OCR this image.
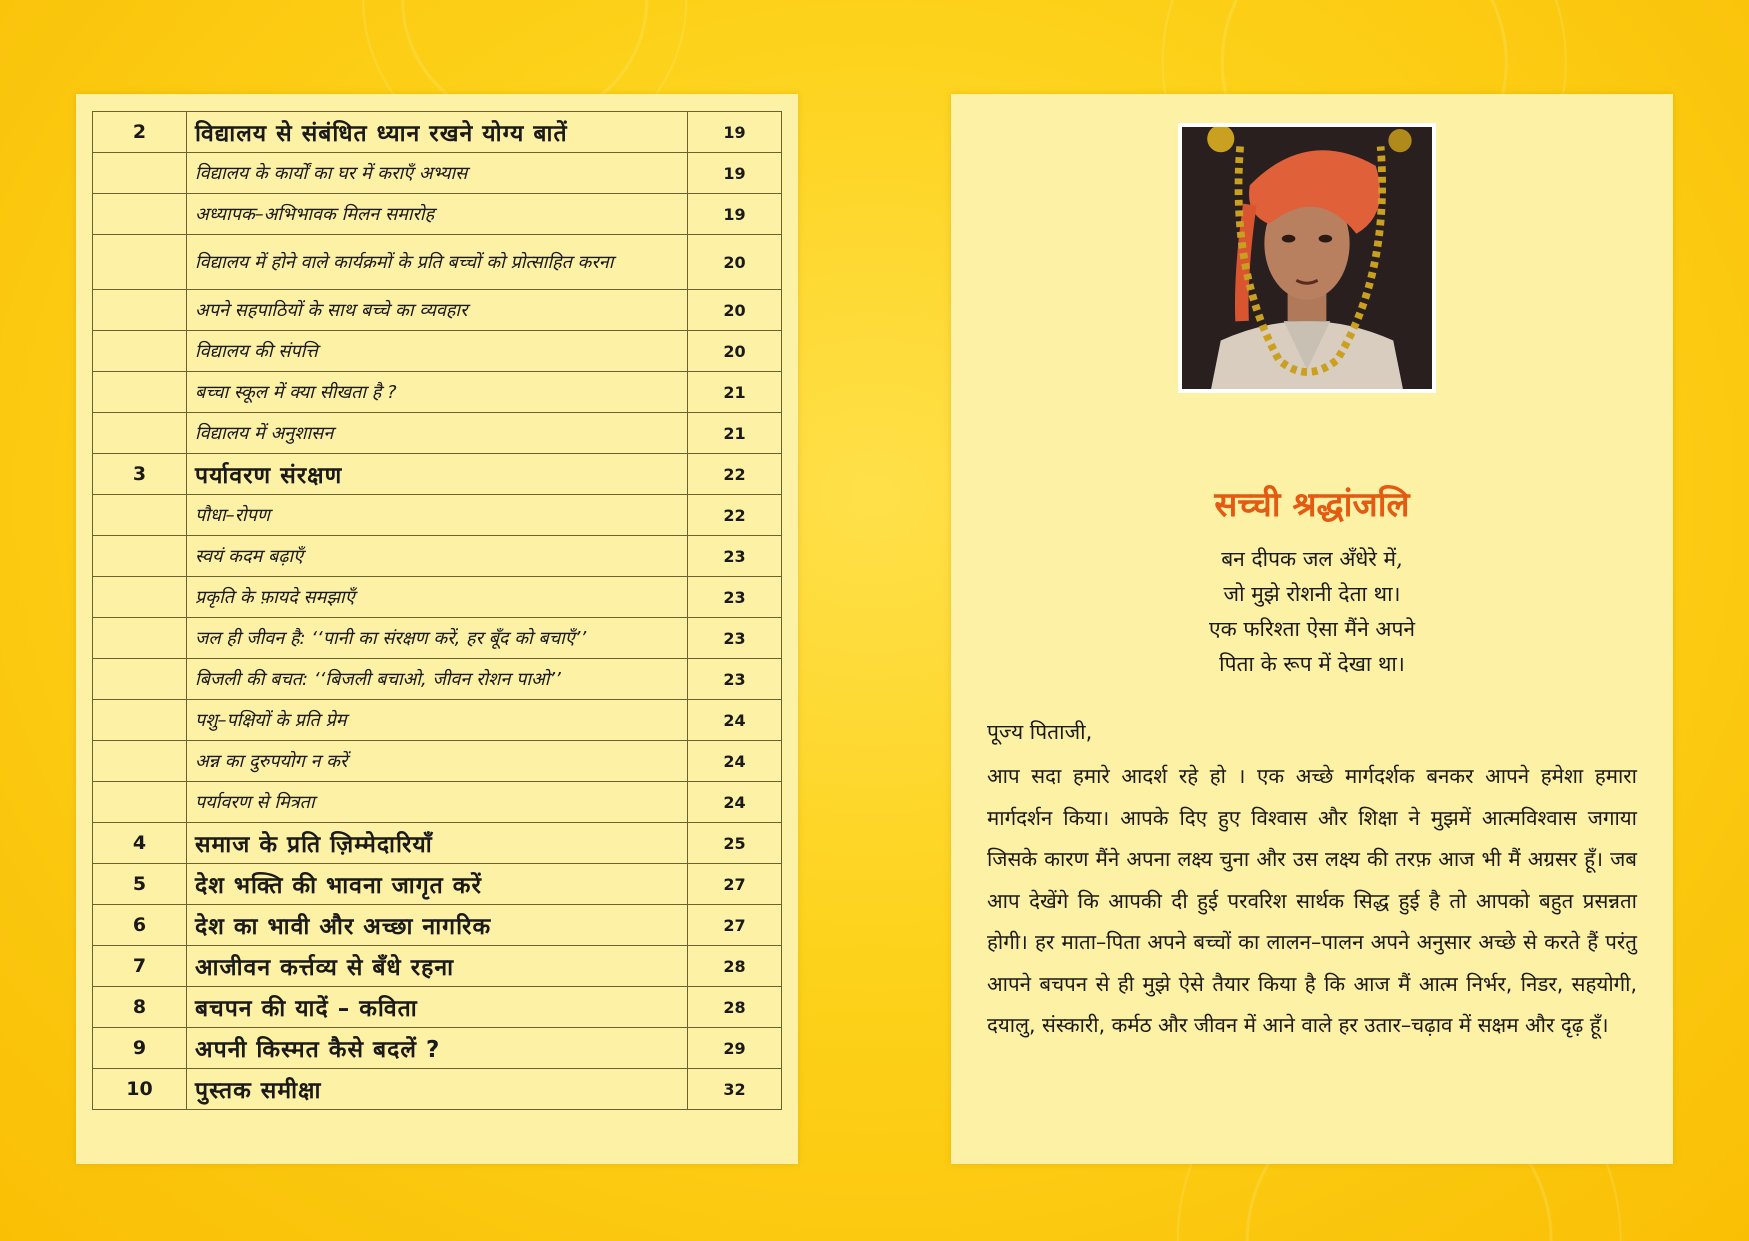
2	विद्यालय से संबंधित ध्यान रखने योग्य बातें	19
	विद्यालय के कार्यों का घर में कराएँ अभ्यास	19
	अध्यापक–अभिभावक मिलन समारोह	19
	विद्यालय में होने वाले कार्यक्रमों के प्रति बच्चों को प्रोत्साहित करना	20
	अपने सहपाठियों के साथ बच्चे का व्यवहार	20
	विद्यालय की संपत्ति	20
	बच्चा स्कूल में क्या सीखता है ?	21
	विद्यालय में अनुशासन	21
3	पर्यावरण संरक्षण	22
	पौधा–रोपण	22
	स्वयं कदम बढ़ाएँ	23
	प्रकृति के फ़ायदे समझाएँ	23
	जल ही जीवन है: ‘‘पानी का संरक्षण करें, हर बूँद को बचाएँ’’	23
	बिजली की बचत: ‘‘बिजली बचाओ, जीवन रोशन पाओ’’	23
	पशु–पक्षियों के प्रति प्रेम	24
	अन्न का दुरुपयोग न करें	24
	पर्यावरण से मित्रता	24
4	समाज के प्रति ज़िम्मेदारियाँ	25
5	देश भक्ति की भावना जागृत करें	27
6	देश का भावी और अच्छा नागरिक	27
7	आजीवन कर्त्तव्य से बँधे रहना	28
8	बचपन की यादें – कविता	28
9	अपनी किस्मत कैसे बदलें ?	29
10	पुस्तक समीक्षा	32
सच्ची श्रद्धांजलि
बन दीपक जल अँधेरे में,
जो मुझे रोशनी देता था।
एक फरिश्ता ऐसा मैंने अपने
पिता के रूप में देखा था।
पूज्य पिताजी,
आप सदा हमारे आदर्श रहे हो । एक अच्छे मार्गदर्शक बनकर आपने हमेशा हमारा मार्गदर्शन किया। आपके दिए हुए विश्वास और शिक्षा ने मुझमें आत्मविश्वास जगाया जिसके कारण मैंने अपना लक्ष्य चुना और उस लक्ष्य की तरफ़ आज भी मैं अग्रसर हूँ। जब आप देखेंगे कि आपकी दी हुई परवरिश सार्थक सिद्ध हुई है तो आपको बहुत प्रसन्नता होगी। हर माता–पिता अपने बच्चों का लालन–पालन अपने अनुसार अच्छे से करते हैं परंतु आपने बचपन से ही मुझे ऐसे तैयार किया है कि आज मैं आत्म निर्भर, निडर, सहयोगी, दयालु, संस्कारी, कर्मठ और जीवन में आने वाले हर उतार–चढ़ाव में सक्षम और दृढ़ हूँ।
